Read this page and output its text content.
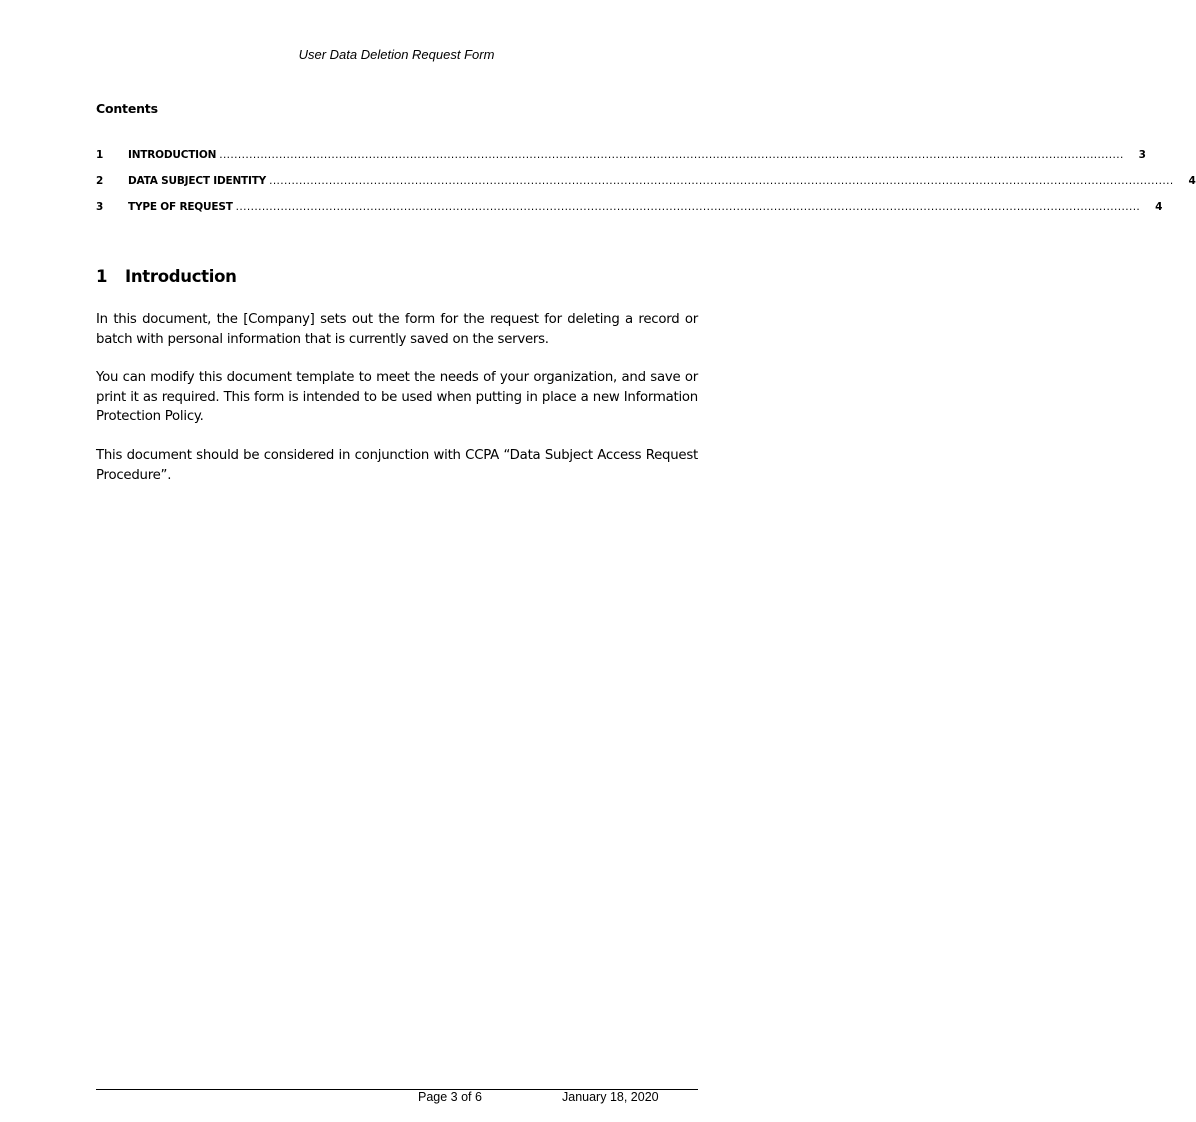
User Data Deletion Request Form
Contents
1	INTRODUCTION .................................................................................................................................................................................................................................................. 3
2	DATA SUBJECT IDENTITY .................................................................................................................................................................................................................................................. 4
3	TYPE OF REQUEST .................................................................................................................................................................................................................................................. 4
1	Introduction

In this document, the [Company] sets out the form for the request for deleting a record or batch with personal information that is currently saved on the servers.

You can modify this document template to meet the needs of your organization, and save or print it as required. This form is intended to be used when putting in place a new Information Protection Policy.

This document should be considered in conjunction with CCPA “Data Subject Access Request Procedure”.

Page 3 of 6	January 18, 2020
